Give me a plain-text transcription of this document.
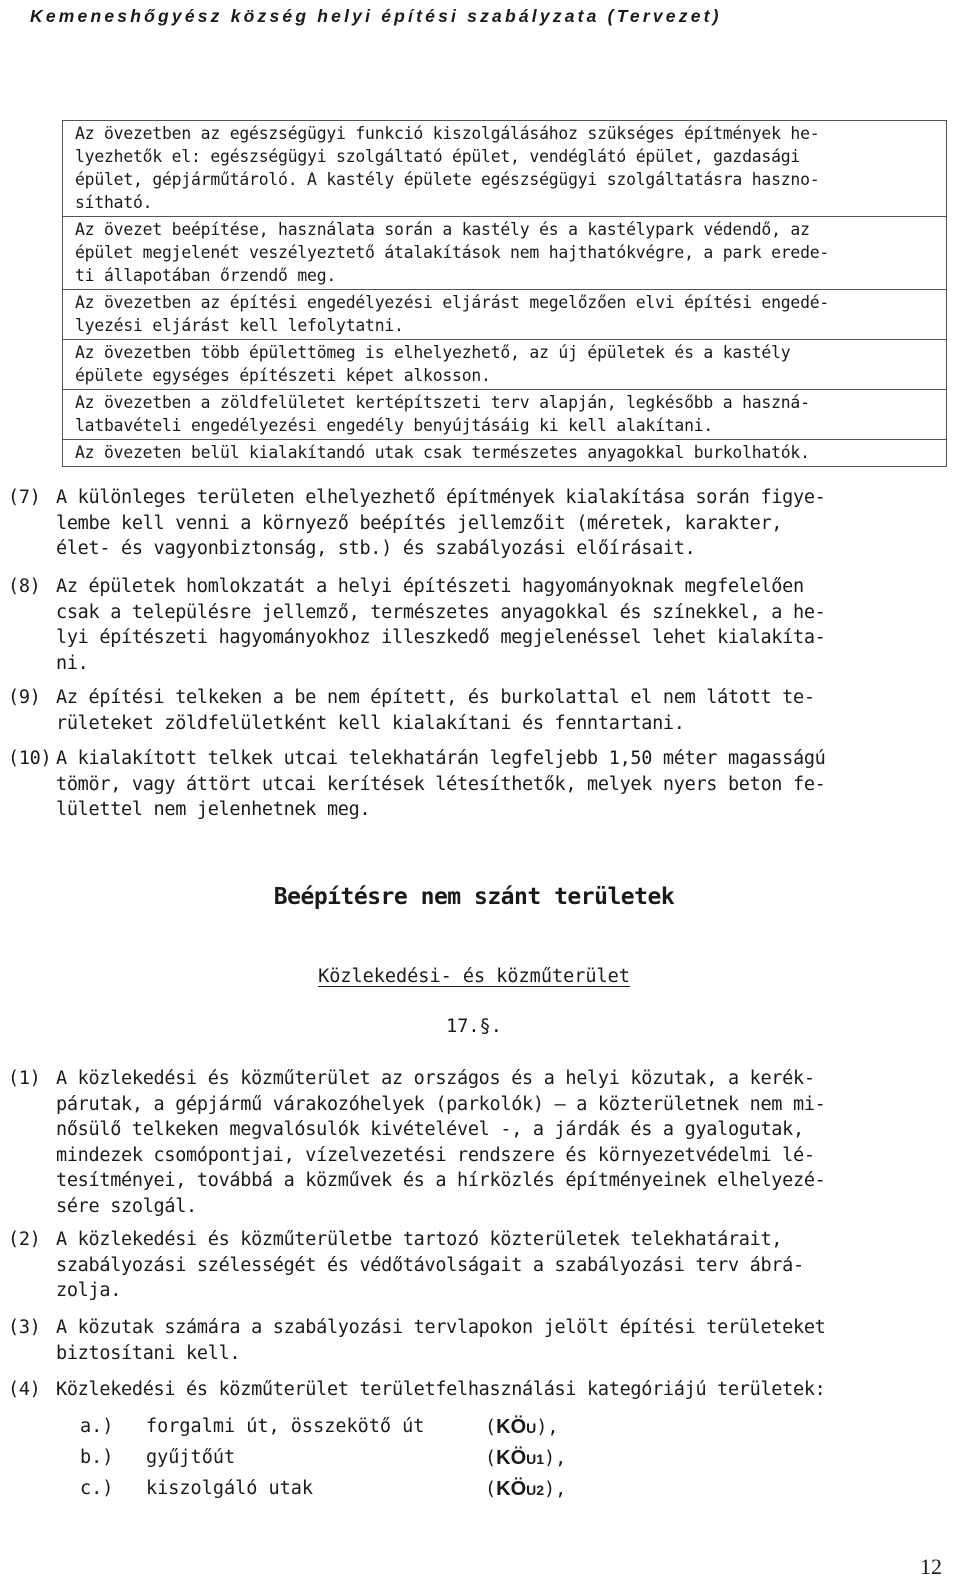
Kemeneshőgyész község helyi építési szabályzata (Tervezet)
Az övezetben az egészségügyi funkció kiszolgálásához szükséges építmények he-
lyezhetők el: egészségügyi szolgáltató épület, vendéglátó épület, gazdasági
épület, gépjárműtároló. A kastély épülete egészségügyi szolgáltatásra haszno-
sítható.
Az övezet beépítése, használata során a kastély és a kastélypark védendő, az
épület megjelenét veszélyeztető átalakítások nem hajthatókvégre, a park erede-
ti állapotában őrzendő meg.
Az övezetben az építési engedélyezési eljárást megelőzően elvi építési engedé-
lyezési eljárást kell lefolytatni.
Az övezetben több épülettömeg is elhelyezhető, az új épületek és a kastély
épülete egységes építészeti képet alkosson.
Az övezetben a zöldfelületet kertépítszeti terv alapján, legkésőbb a haszná-
latbavételi engedélyezési engedély benyújtásáig ki kell alakítani.
Az övezeten belül kialakítandó utak csak természetes anyagokkal burkolhatók.
(7) A különleges területen elhelyezhető építmények kialakítása során figye-
lembe kell venni a környező beépítés jellemzőit (méretek, karakter,
élet- és vagyonbiztonság, stb.) és szabályozási előírásait.
(8) Az épületek homlokzatát a helyi építészeti hagyományoknak megfelelően
csak a településre jellemző, természetes anyagokkal és színekkel, a he-
lyi építészeti hagyományokhoz illeszkedő megjelenéssel lehet kialakíta-
ni.
(9) Az építési telkeken a be nem épített, és burkolattal el nem látott te-
rületeket zöldfelületként kell kialakítani és fenntartani.
(10) A kialakított telkek utcai telekhatárán legfeljebb 1,50 méter magasságú
tömör, vagy áttört utcai kerítések létesíthetők, melyek nyers beton fe-
lülettel nem jelenhetnek meg.
Beépítésre nem szánt területek
Közlekedési- és közműterület
17.§.
(1) A közlekedési és közműterület az országos és a helyi közutak, a kerék-
párutak, a gépjármű várakozóhelyek (parkolók) – a közterületnek nem mi-
nősülő telkeken megvalósulók kivételével -, a járdák és a gyalogutak,
mindezek csomópontjai, vízelvezetési rendszere és környezetvédelmi lé-
tesítményei, továbbá a közművek és a hírközlés építményeinek elhelyezé-
sére szolgál.
(2) A közlekedési és közműterületbe tartozó közterületek telekhatárait,
szabályozási szélességét és védőtávolságait a szabályozási terv ábrá-
zolja.
(3) A közutak számára a szabályozási tervlapokon jelölt építési területeket
biztosítani kell.
(4) Közlekedési és közműterület területfelhasználási kategóriájú területek:
a.) forgalmi út, összekötő út	(KÖU),
b.) gyűjtőút	(KÖU1),
c.) kiszolgáló utak	(KÖU2),
12
